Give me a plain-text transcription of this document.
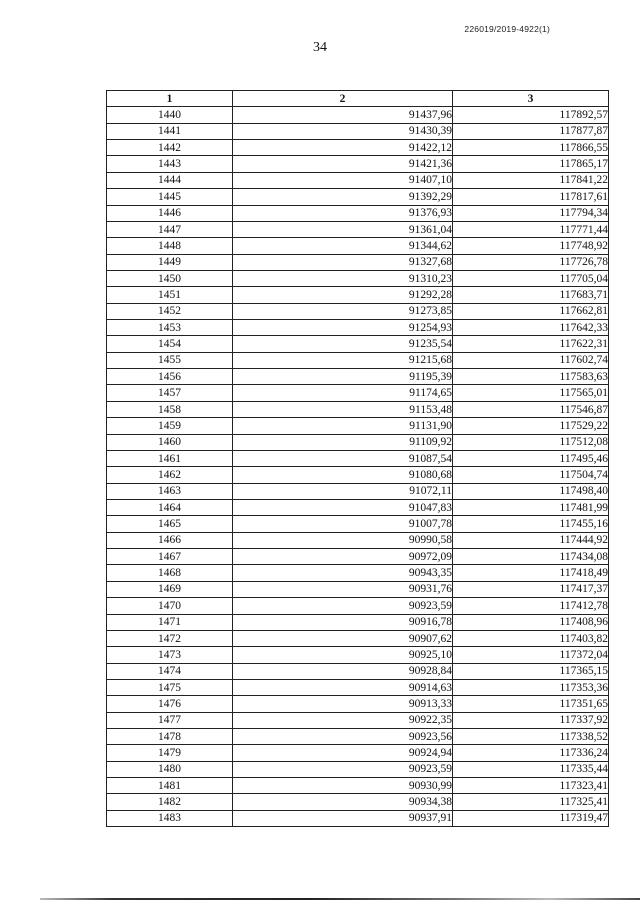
226019/2019-4922(1)
34
1	2	3
1440	91437,96	117892,57
1441	91430,39	117877,87
1442	91422,12	117866,55
1443	91421,36	117865,17
1444	91407,10	117841,22
1445	91392,29	117817,61
1446	91376,93	117794,34
1447	91361,04	117771,44
1448	91344,62	117748,92
1449	91327,68	117726,78
1450	91310,23	117705,04
1451	91292,28	117683,71
1452	91273,85	117662,81
1453	91254,93	117642,33
1454	91235,54	117622,31
1455	91215,68	117602,74
1456	91195,39	117583,63
1457	91174,65	117565,01
1458	91153,48	117546,87
1459	91131,90	117529,22
1460	91109,92	117512,08
1461	91087,54	117495,46
1462	91080,68	117504,74
1463	91072,11	117498,40
1464	91047,83	117481,99
1465	91007,78	117455,16
1466	90990,58	117444,92
1467	90972,09	117434,08
1468	90943,35	117418,49
1469	90931,76	117417,37
1470	90923,59	117412,78
1471	90916,78	117408,96
1472	90907,62	117403,82
1473	90925,10	117372,04
1474	90928,84	117365,15
1475	90914,63	117353,36
1476	90913,33	117351,65
1477	90922,35	117337,92
1478	90923,56	117338,52
1479	90924,94	117336,24
1480	90923,59	117335,44
1481	90930,99	117323,41
1482	90934,38	117325,41
1483	90937,91	117319,47
